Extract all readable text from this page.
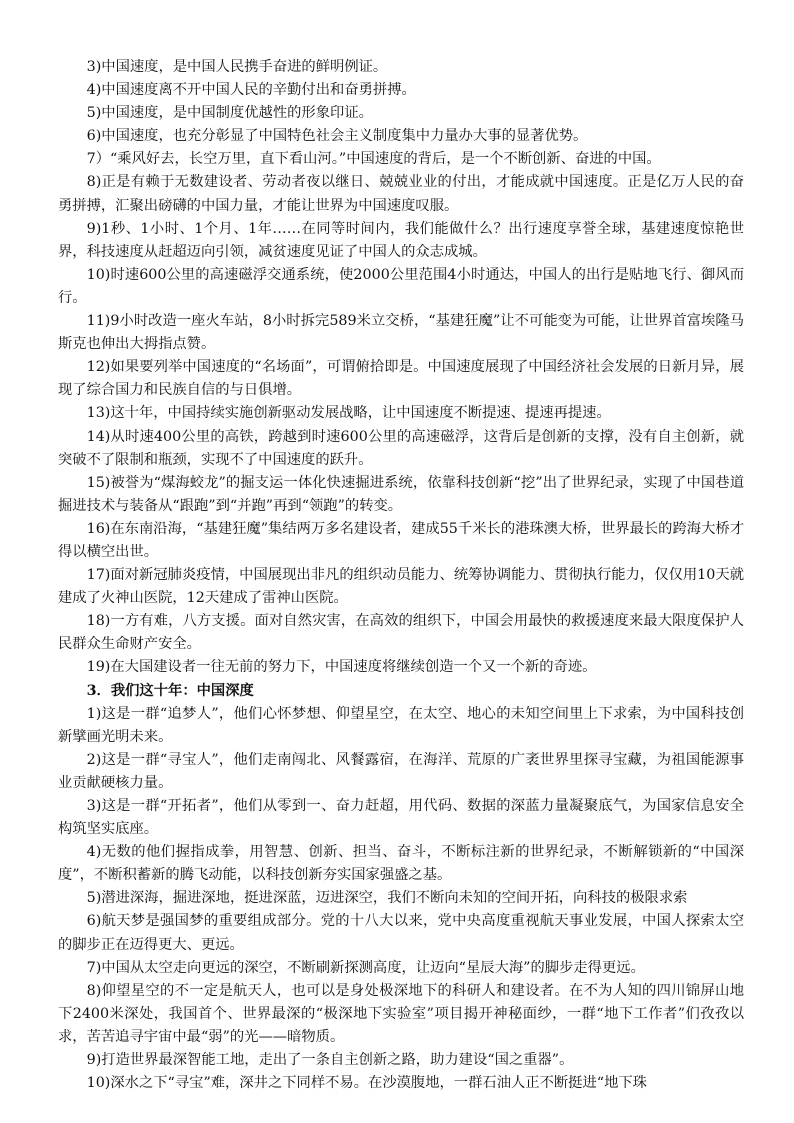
3)中国速度，是中国人民携手奋进的鲜明例证。

4)中国速度离不开中国人民的辛勤付出和奋勇拼搏。

5)中国速度，是中国制度优越性的形象印证。

6)中国速度，也充分彰显了中国特色社会主义制度集中力量办大事的显著优势。

7）“乘风好去，长空万里，直下看山河。”中国速度的背后，是一个不断创新、奋进的中国。

8)正是有赖于无数建设者、劳动者夜以继日、兢兢业业的付出，才能成就中国速度。正是亿万人民的奋勇拼搏，汇聚出磅礴的中国力量，才能让世界为中国速度叹服。

9)1秒、1小时、1个月、1年……在同等时间内，我们能做什么？出行速度享誉全球，基建速度惊艳世界，科技速度从赶超迈向引领，减贫速度见证了中国人的众志成城。

10)时速600公里的高速磁浮交通系统，使2000公里范围4小时通达，中国人的出行是贴地飞行、御风而行。

11)9小时改造一座火车站，8小时拆完589米立交桥，“基建狂魔”让不可能变为可能，让世界首富埃隆马斯克也伸出大拇指点赞。

12)如果要列举中国速度的“名场面”，可谓俯拾即是。中国速度展现了中国经济社会发展的日新月异，展现了综合国力和民族自信的与日俱增。

13)这十年，中国持续实施创新驱动发展战略，让中国速度不断提速、提速再提速。

14)从时速400公里的高铁，跨越到时速600公里的高速磁浮，这背后是创新的支撑，没有自主创新，就突破不了限制和瓶颈，实现不了中国速度的跃升。

15)被誉为“煤海蛟龙”的掘支运一体化快速掘进系统，依靠科技创新“挖”出了世界纪录，实现了中国巷道掘进技术与装备从“跟跑”到“并跑”再到“领跑”的转变。

16)在东南沿海，“基建狂魔”集结两万多名建设者，建成55千米长的港珠澳大桥，世界最长的跨海大桥才得以横空出世。

17)面对新冠肺炎疫情，中国展现出非凡的组织动员能力、统筹协调能力、贯彻执行能力，仅仅用10天就建成了火神山医院，12天建成了雷神山医院。

18)一方有难，八方支援。面对自然灾害，在高效的组织下，中国会用最快的救援速度来最大限度保护人民群众生命财产安全。

19)在大国建设者一往无前的努力下，中国速度将继续创造一个又一个新的奇迹。

3．我们这十年：中国深度

1)这是一群“追梦人”，他们心怀梦想、仰望星空，在太空、地心的未知空间里上下求索，为中国科技创新擘画光明未来。

2)这是一群“寻宝人”，他们走南闯北、风餐露宿，在海洋、荒原的广袤世界里探寻宝藏，为祖国能源事业贡献硬核力量。

3)这是一群“开拓者”，他们从零到一、奋力赶超，用代码、数据的深蓝力量凝聚底气，为国家信息安全构筑坚实底座。

4)无数的他们握指成拳，用智慧、创新、担当、奋斗，不断标注新的世界纪录，不断解锁新的“中国深度”，不断积蓄新的腾飞动能，以科技创新夯实国家强盛之基。

5)潜进深海，掘进深地，挺进深蓝，迈进深空，我们不断向未知的空间开拓，向科技的极限求索

6)航天梦是强国梦的重要组成部分。党的十八大以来，党中央高度重视航天事业发展，中国人探索太空的脚步正在迈得更大、更远。

7)中国从太空走向更远的深空，不断刷新探测高度，让迈向“星辰大海”的脚步走得更远。

8)仰望星空的不一定是航天人，也可以是身处极深地下的科研人和建设者。在不为人知的四川锦屏山地下2400米深处，我国首个、世界最深的“极深地下实验室”项目揭开神秘面纱，一群“地下工作者”们孜孜以求，苦苦追寻宇宙中最“弱”的光——暗物质。

9)打造世界最深智能工地，走出了一条自主创新之路，助力建设“国之重器”。

10)深水之下“寻宝”难，深井之下同样不易。在沙漠腹地，一群石油人正不断挺进“地下珠
